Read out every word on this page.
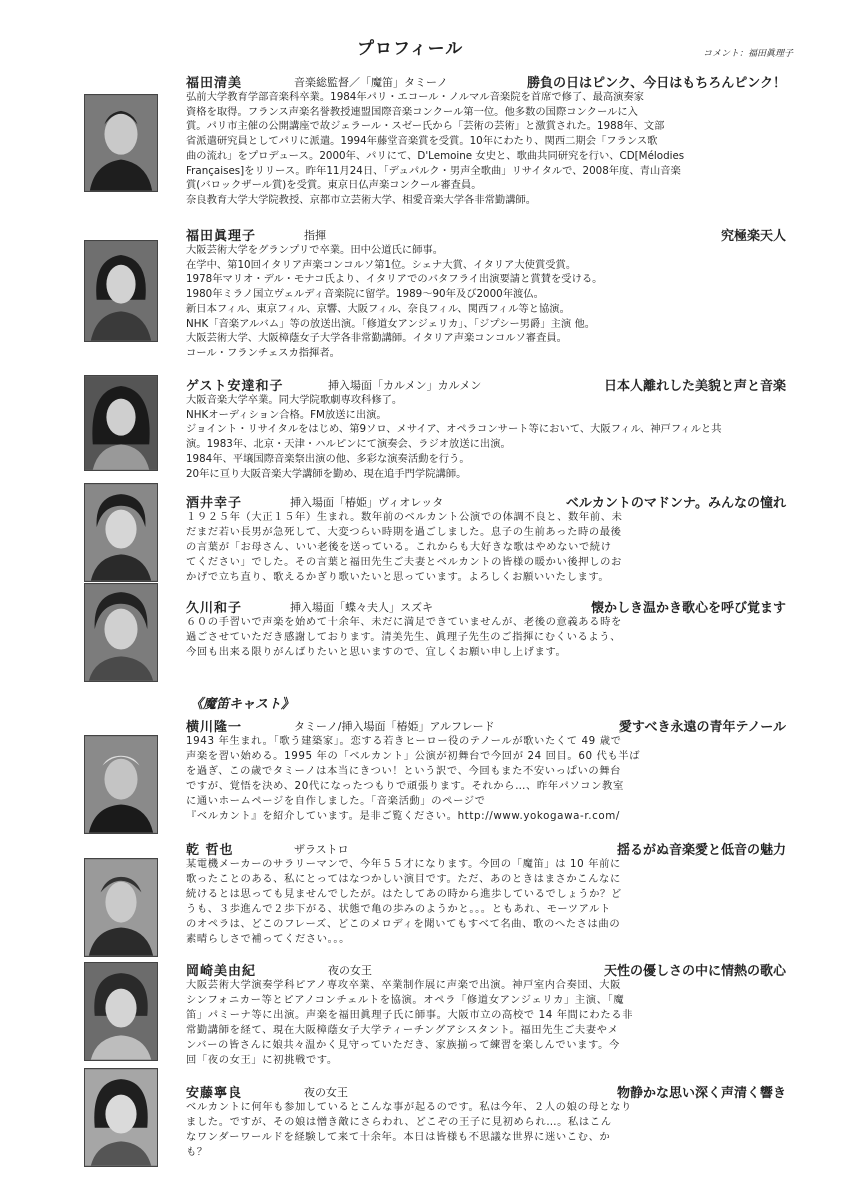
プロフィール	コメント：福田眞理子
福田清美	音楽総監督／「魔笛」タミーノ	勝負の日はピンク、今日はもちろんピンク！

弘前大学教育学部音楽科卒業。1984年パリ・エコール・ノルマル音楽院を首席で修了、最高演奏家
資格を取得。フランス声楽名誉教授連盟国際音楽コンクール第一位。他多数の国際コンクールに入
賞。パリ市主催の公開講座で故ジェラール・スゼー氏から「芸術の芸術」と激賞された。1988年、文部
省派遣研究員としてパリに派遣。1994年藤堂音楽賞を受賞。10年にわたり、関西二期会「フランス歌
曲の流れ」をプロデュース。2000年、パリにて、D'Lemoine 女史と、歌曲共同研究を行い、CD[Mélodies
Françaises]をリリース。昨年11月24日、「デュパルク・男声全歌曲」リサイタルで、2008年度、青山音楽
賞(バロックザール賞)を受賞。東京日仏声楽コンクール審査員。
奈良教育大学大学院教授、京都市立芸術大学、相愛音楽大学各非常勤講師。

福田眞理子	指揮	究極楽天人

大阪芸術大学をグランプリで卒業。田中公道氏に師事。
在学中、第10回イタリア声楽コンコルソ第1位。シェナ大賞、イタリア大使賞受賞。
1978年マリオ・デル・モナコ氏より、イタリアでのバタフライ出演要請と賞賛を受ける。
1980年ミラノ国立ヴェルディ音楽院に留学。1989〜90年及び2000年渡仏。
新日本フィル、東京フィル、京響、大阪フィル、奈良フィル、関西フィル等と協演。
NHK「音楽アルバム」等の放送出演。「修道女アンジェリカ」、「ジプシー男爵」主演 他。
大阪芸術大学、大阪樟蔭女子大学各非常勤講師。イタリア声楽コンコルソ審査員。
コール・フランチェスカ指揮者。

ゲスト安達和子	挿入場面「カルメン」カルメン	日本人離れした美貌と声と音楽

大阪音楽大学卒業。同大学院歌劇専攻科修了。
NHKオーディション合格。FM放送に出演。
ジョイント・リサイタルをはじめ、第9ソロ、メサイア、オペラコンサート等において、大阪フィル、神戸フィルと共
演。1983年、北京・天津・ハルピンにて演奏会、ラジオ放送に出演。
1984年、平壌国際音楽祭出演の他、多彩な演奏活動を行う。
20年に亘り大阪音楽大学講師を勤め、現在追手門学院講師。

酒井幸子	挿入場面「椿姫」ヴィオレッタ	ベルカントのマドンナ。みんなの憧れ

１９２５年（大正１５年）生まれ。数年前のベルカント公演での体調不良と、数年前、未
だまだ若い長男が急死して、大変つらい時期を過ごしました。息子の生前あった時の最後
の言葉が「お母さん、いい老後を送っている。これからも大好きな歌はやめないで続け
てください」でした。その言葉と福田先生ご夫妻とベルカントの皆様の暖かい後押しのお
かげで立ち直り、歌えるかぎり歌いたいと思っています。よろしくお願いいたします。

久川和子	挿入場面「蝶々夫人」スズキ	懐かしき温かき歌心を呼び覚ます

６０の手習いで声楽を始めて十余年、未だに満足できていませんが、老後の意義ある時を
過ごさせていただき感謝しております。清美先生、眞理子先生のご指揮にむくいるよう、
今回も出来る限りがんばりたいと思いますので、宜しくお願い申し上げます。

《魔笛キャスト》
横川隆一	タミーノ/挿入場面「椿姫」アルフレード	愛すべき永遠の青年テノール

1943 年生まれ。「歌う建築家」。恋する若きヒーロー役のテノールが歌いたくて 49 歳で
声楽を習い始める。1995 年の「ベルカント」公演が初舞台で今回が 24 回目。60 代も半ば
を過ぎ、この歳でタミーノは本当にきつい！という訳で、今回もまた不安いっぱいの舞台
ですが、覚悟を決め、20代になったつもりで頑張ります。それから…、昨年パソコン教室
に通いホームページを自作しました。「音楽活動」のページで
『ベルカント』を紹介しています。是非ご覧ください。http://www.yokogawa-r.com/

乾 哲也	ザラストロ	揺るがぬ音楽愛と低音の魅力

某電機メーカーのサラリーマンで、今年５５才になります。今回の「魔笛」は 10 年前に
歌ったことのある、私にとってはなつかしい演目です。ただ、あのときはまさかこんなに
続けるとは思っても見ませんでしたが。はたしてあの時から進歩しているでしょうか？ど
うも、３歩進んで２歩下がる、状態で亀の歩みのようかと。。。ともあれ、モーツアルト
のオペラは、どこのフレーズ、どこのメロディを聞いてもすべて名曲、歌のへたさは曲の
素晴らしさで補ってください。。。

岡崎美由紀	夜の女王	天性の優しさの中に情熱の歌心

大阪芸術大学演奏学科ピアノ専攻卒業、卒業制作展に声楽で出演。神戸室内合奏団、大阪
シンフォニカー等とピアノコンチェルトを協演。オペラ「修道女アンジェリカ」主演、「魔
笛」パミーナ等に出演。声楽を福田眞理子氏に師事。大阪市立の高校で 14 年間にわたる非
常勤講師を経て、現在大阪樟蔭女子大学ティーチングアシスタント。福田先生ご夫妻やメ
ンバーの皆さんに娘共々温かく見守っていただき、家族揃って練習を楽しんでいます。今
回「夜の女王」に初挑戦です。

安藤寧良	夜の女王	物静かな思い深く声清く響き

ベルカントに何年も参加しているとこんな事が起るのです。私は今年、２人の娘の母となり
ました。ですが、その娘は憎き敵にさらわれ、どこぞの王子に見初められ…。私はこん
なワンダーワールドを経験して来て十余年。本日は皆様も不思議な世界に迷いこむ、か
も？
